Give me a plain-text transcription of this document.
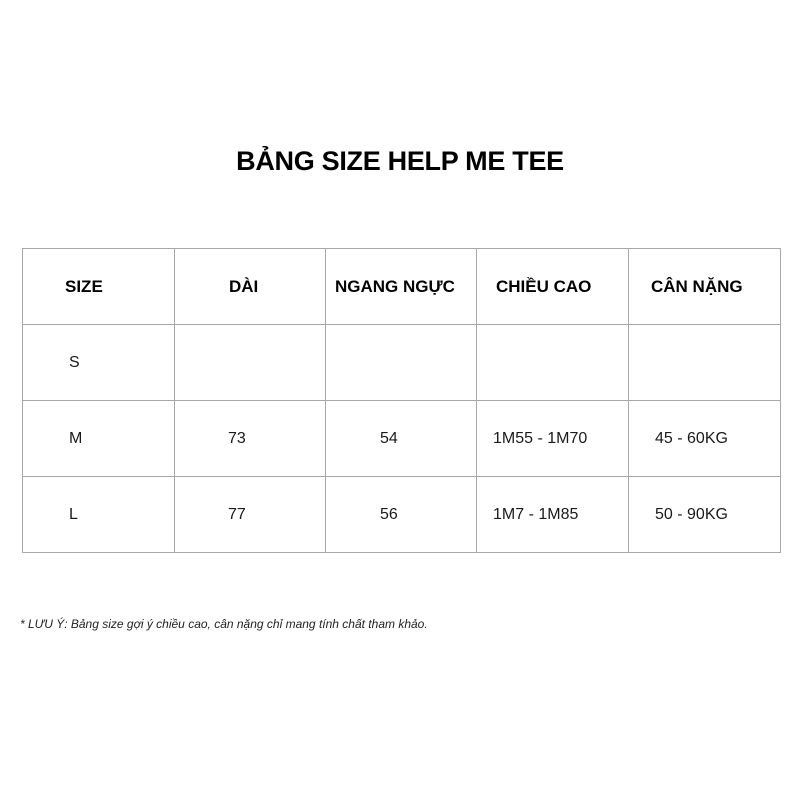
BẢNG SIZE HELP ME TEE
SIZE	DÀI	NGANG NGỰC	CHIỀU CAO	CÂN NẶNG
S				
M	73	54	1M55 - 1M70	45 - 60KG
L	77	56	1M7 - 1M85	50 - 90KG
* LƯU Ý: Bảng size gợi ý chiều cao, cân nặng chỉ mang tính chất tham khảo.
